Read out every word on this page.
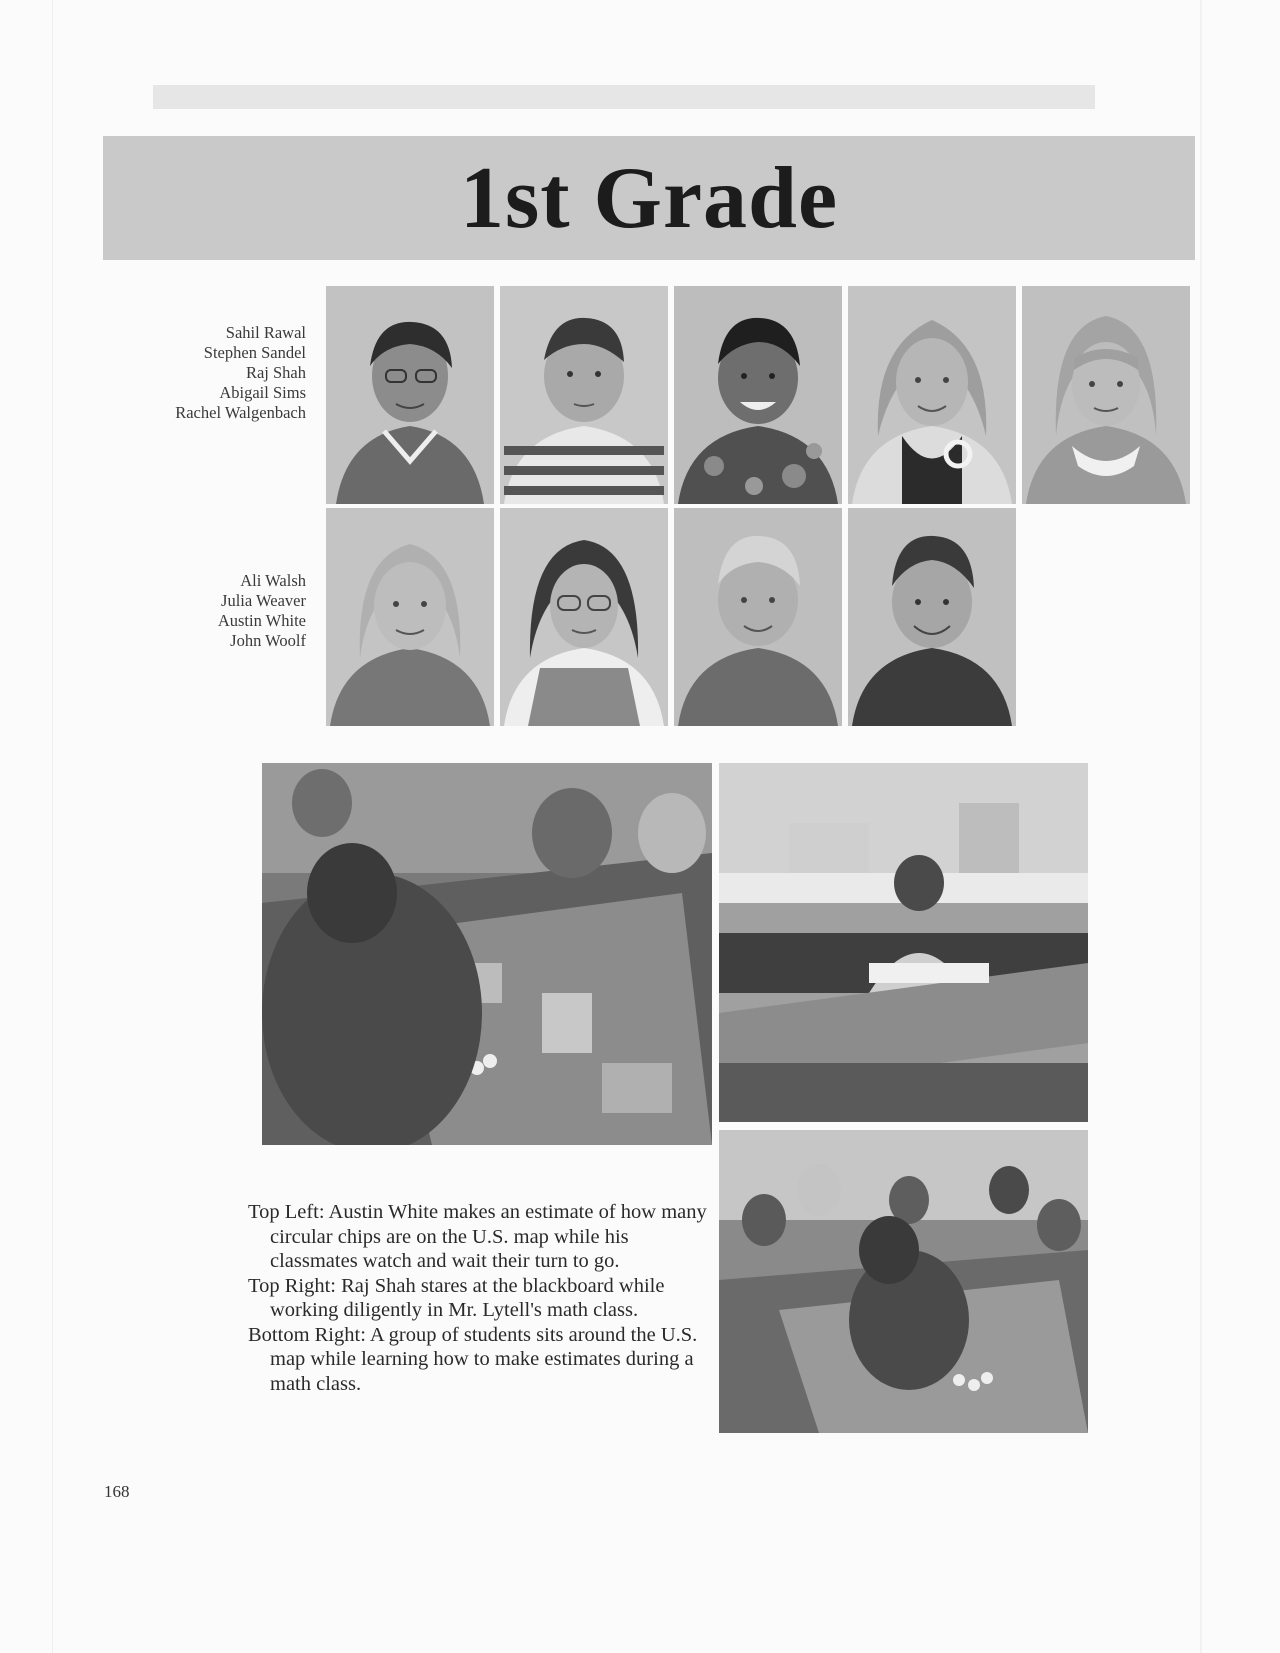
1st Grade
Sahil Rawal
Stephen Sandel
Raj Shah
Abigail Sims
Rachel Walgenbach
Ali Walsh
Julia Weaver
Austin White
John Woolf

Top Left: Austin White makes an estimate of how many circular chips are on the U.S. map while his classmates watch and wait their turn to go.

Top Right: Raj Shah stares at the blackboard while working diligently in Mr. Lytell's math class.

Bottom Right: A group of students sits around the U.S. map while learning how to make estimates during a math class.

168
